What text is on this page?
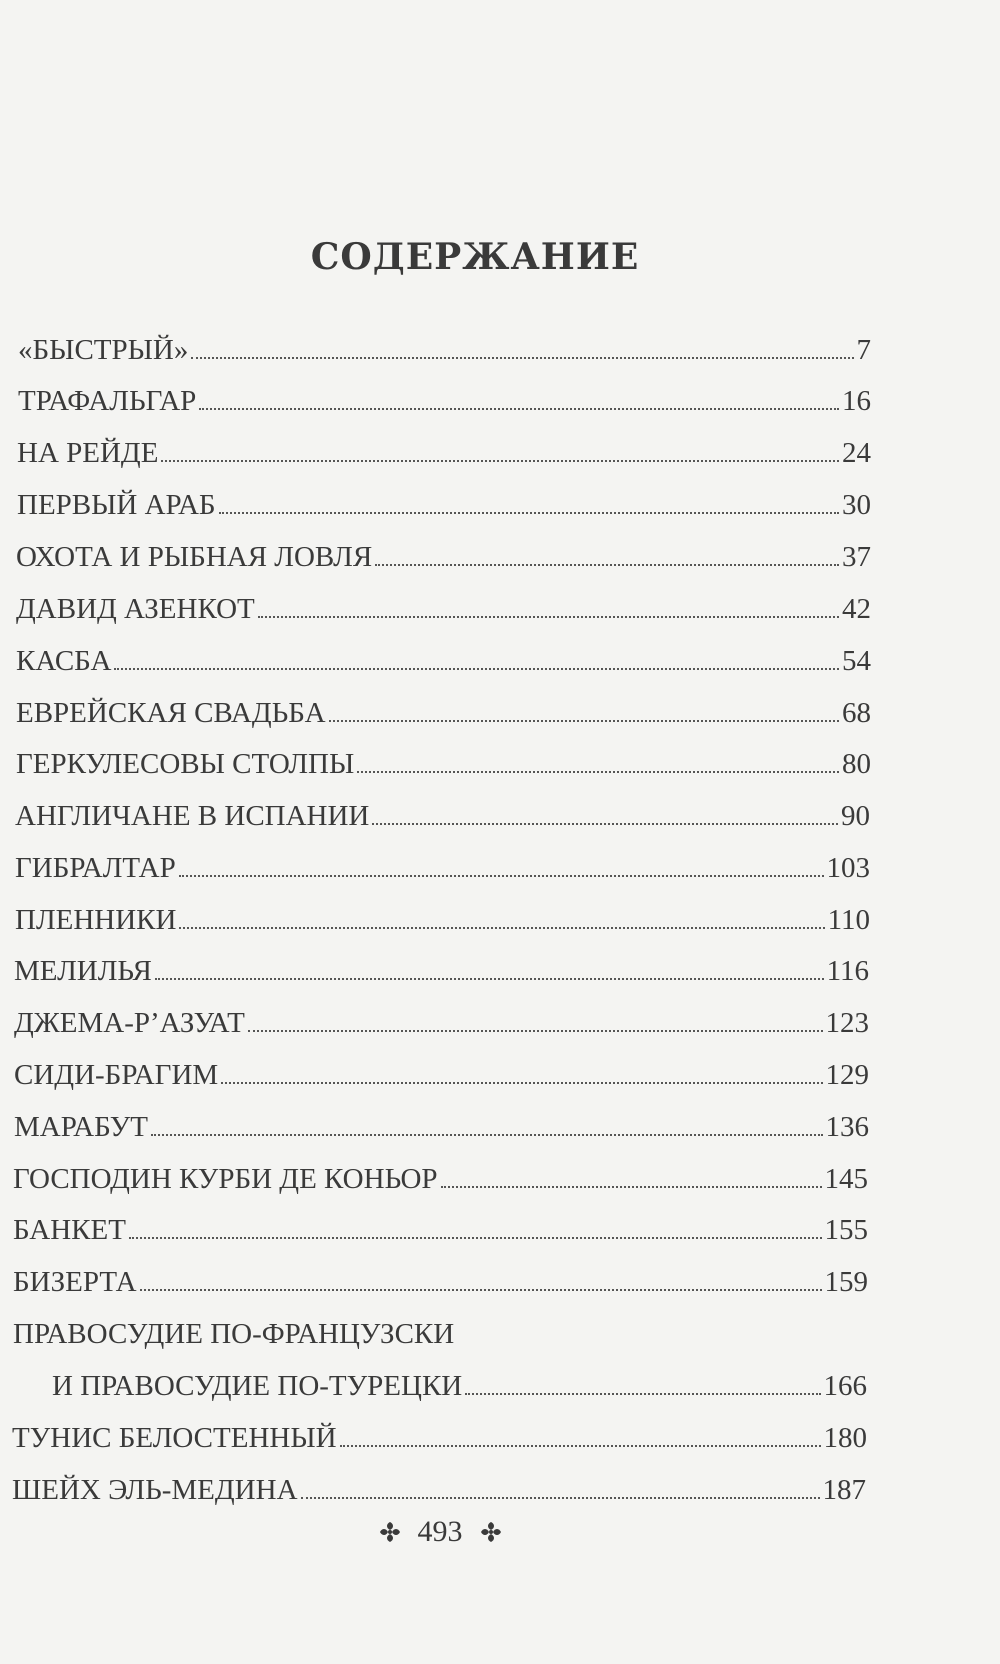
СОДЕРЖАНИЕ
«БЫСТРЫЙ»	7
ТРАФАЛЬГАР	16
НА РЕЙДЕ	24
ПЕРВЫЙ АРАБ	30
ОХОТА И РЫБНАЯ ЛОВЛЯ	37
ДАВИД АЗЕНКОТ	42
КАСБА	54
ЕВРЕЙСКАЯ СВАДЬБА	68
ГЕРКУЛЕСОВЫ СТОЛПЫ	80
АНГЛИЧАНЕ В ИСПАНИИ	90
ГИБРАЛТАР	103
ПЛЕННИКИ	110
МЕЛИЛЬЯ	116
ДЖЕМА-Р’АЗУАТ	123
СИДИ-БРАГИМ	129
МАРАБУТ	136
ГОСПОДИН КУРБИ ДЕ КОНЬОР	145
БАНКЕТ	155
БИЗЕРТА	159
ПРАВОСУДИЕ ПО-ФРАНЦУЗСКИ
И ПРАВОСУДИЕ ПО-ТУРЕЦКИ	166
ТУНИС БЕЛОСТЕННЫЙ	180
ШЕЙХ ЭЛЬ-МЕДИНА	187
493
